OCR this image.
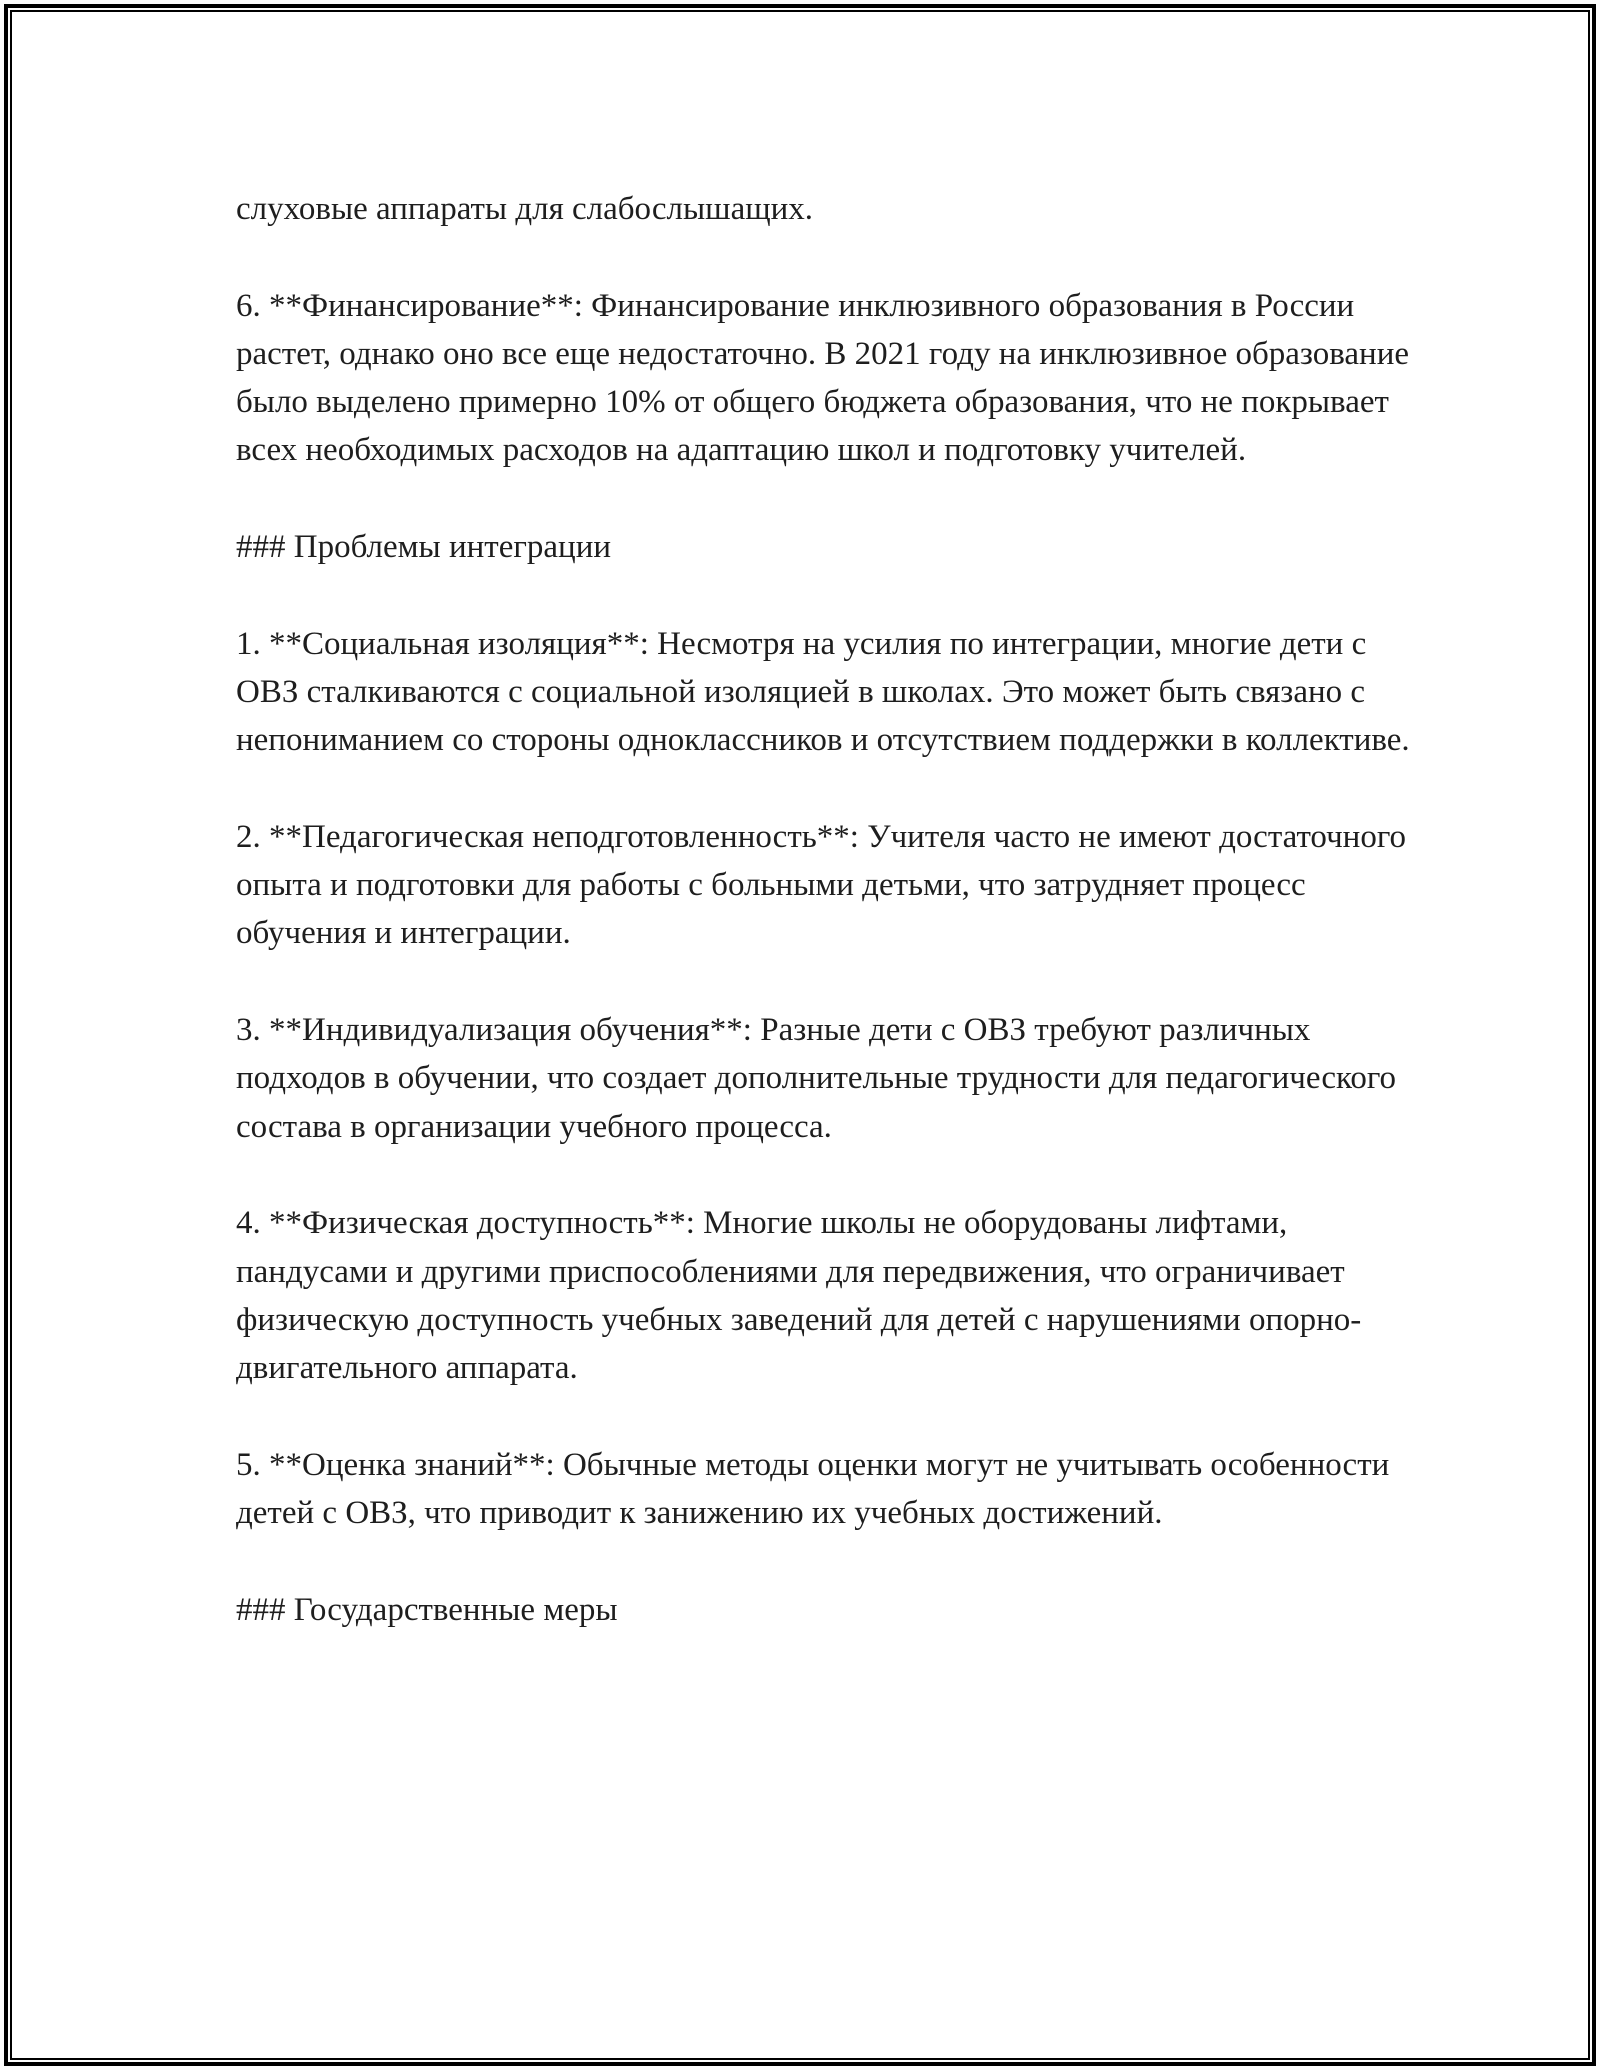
слуховые аппараты для слабослышащих.

6. **Финансирование**: Финансирование инклюзивного образования в России растет, однако оно все еще недостаточно. В 2021 году на инклюзивное образование было выделено примерно 10% от общего бюджета образования, что не покрывает всех необходимых расходов на адаптацию школ и подготовку учителей.

### Проблемы интеграции

1. **Социальная изоляция**: Несмотря на усилия по интеграции, многие дети с ОВЗ сталкиваются с социальной изоляцией в школах. Это может быть связано с непониманием со стороны одноклассников и отсутствием поддержки в коллективе.

2. **Педагогическая неподготовленность**: Учителя часто не имеют достаточного опыта и подготовки для работы с больными детьми, что затрудняет процесс обучения и интеграции.

3. **Индивидуализация обучения**: Разные дети с ОВЗ требуют различных подходов в обучении, что создает дополнительные трудности для педагогического состава в организации учебного процесса.

4. **Физическая доступность**: Многие школы не оборудованы лифтами, пандусами и другими приспособлениями для передвижения, что ограничивает физическую доступность учебных заведений для детей с нарушениями опорно-двигательного аппарата.

5. **Оценка знаний**: Обычные методы оценки могут не учитывать особенности детей с ОВЗ, что приводит к занижению их учебных достижений.

### Государственные меры
